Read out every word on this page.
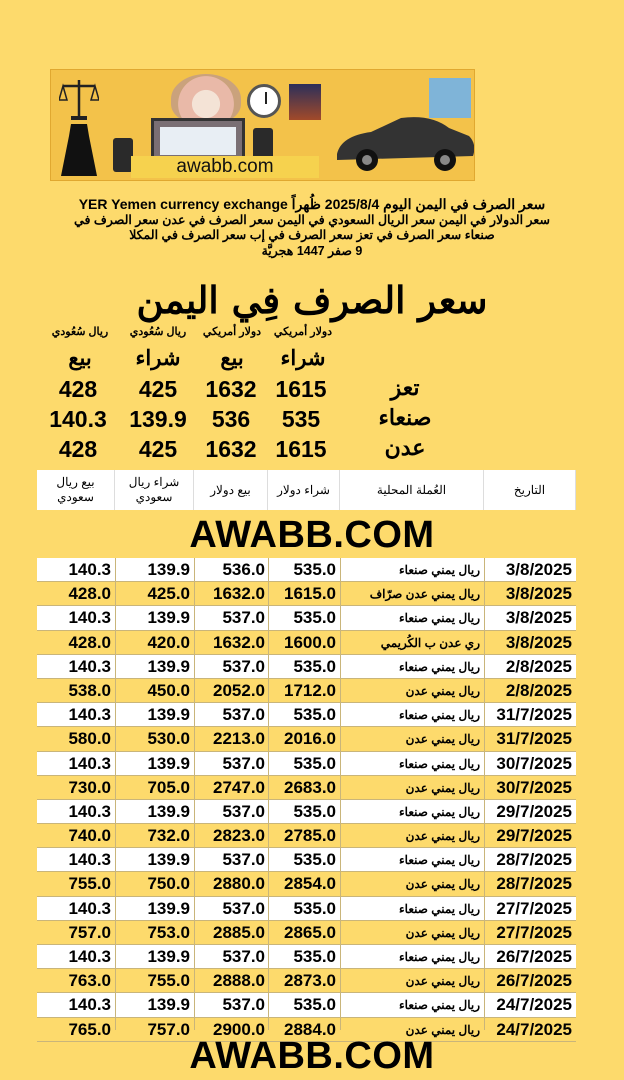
awabb.com
سعر الصرف في اليمن اليوم 2025/8/4 ظُهراً YER Yemen currency exchange
سعر الدولار في اليمن سعر الريال السعودي في اليمن سعر الصرف في عدن سعر الصرف في
صنعاء سعر الصرف في تعز سعر الصرف في إب سعر الصرف في المكلا
9 صفر 1447 هجريَّة
سعر الصرف فِي اليمن
دولار أمريكي
دولار أمريكي
ريال سُعُودي
ريال سُعُودي
شراء
بيع
شراء
بيع
تعز
1615
1632
425
428
صنعاء
535
536
139.9
140.3
عدن
1615
1632
425
428
التاريخ
العُملة المحلية
شراء دولار
بيع دولار
شراء ريال سعودي
بيع ريال سعودي
AWABB.COM
3/8/2025
ريال يمني صنعاء
535.0
536.0
139.9
140.3
3/8/2025
ريال يمني عدن صرّاف
1615.0
1632.0
425.0
428.0
3/8/2025
ريال يمني صنعاء
535.0
537.0
139.9
140.3
3/8/2025
ري عدن ب الكُريمي
1600.0
1632.0
420.0
428.0
2/8/2025
ريال يمني صنعاء
535.0
537.0
139.9
140.3
2/8/2025
ريال يمني عدن
1712.0
2052.0
450.0
538.0
31/7/2025
ريال يمني صنعاء
535.0
537.0
139.9
140.3
31/7/2025
ريال يمني عدن
2016.0
2213.0
530.0
580.0
30/7/2025
ريال يمني صنعاء
535.0
537.0
139.9
140.3
30/7/2025
ريال يمني عدن
2683.0
2747.0
705.0
730.0
29/7/2025
ريال يمني صنعاء
535.0
537.0
139.9
140.3
29/7/2025
ريال يمني عدن
2785.0
2823.0
732.0
740.0
28/7/2025
ريال يمني صنعاء
535.0
537.0
139.9
140.3
28/7/2025
ريال يمني عدن
2854.0
2880.0
750.0
755.0
27/7/2025
ريال يمني صنعاء
535.0
537.0
139.9
140.3
27/7/2025
ريال يمني عدن
2865.0
2885.0
753.0
757.0
26/7/2025
ريال يمني صنعاء
535.0
537.0
139.9
140.3
26/7/2025
ريال يمني عدن
2873.0
2888.0
755.0
763.0
24/7/2025
ريال يمني صنعاء
535.0
537.0
139.9
140.3
24/7/2025
ريال يمني عدن
2884.0
2900.0
757.0
765.0
AWABB.COM
